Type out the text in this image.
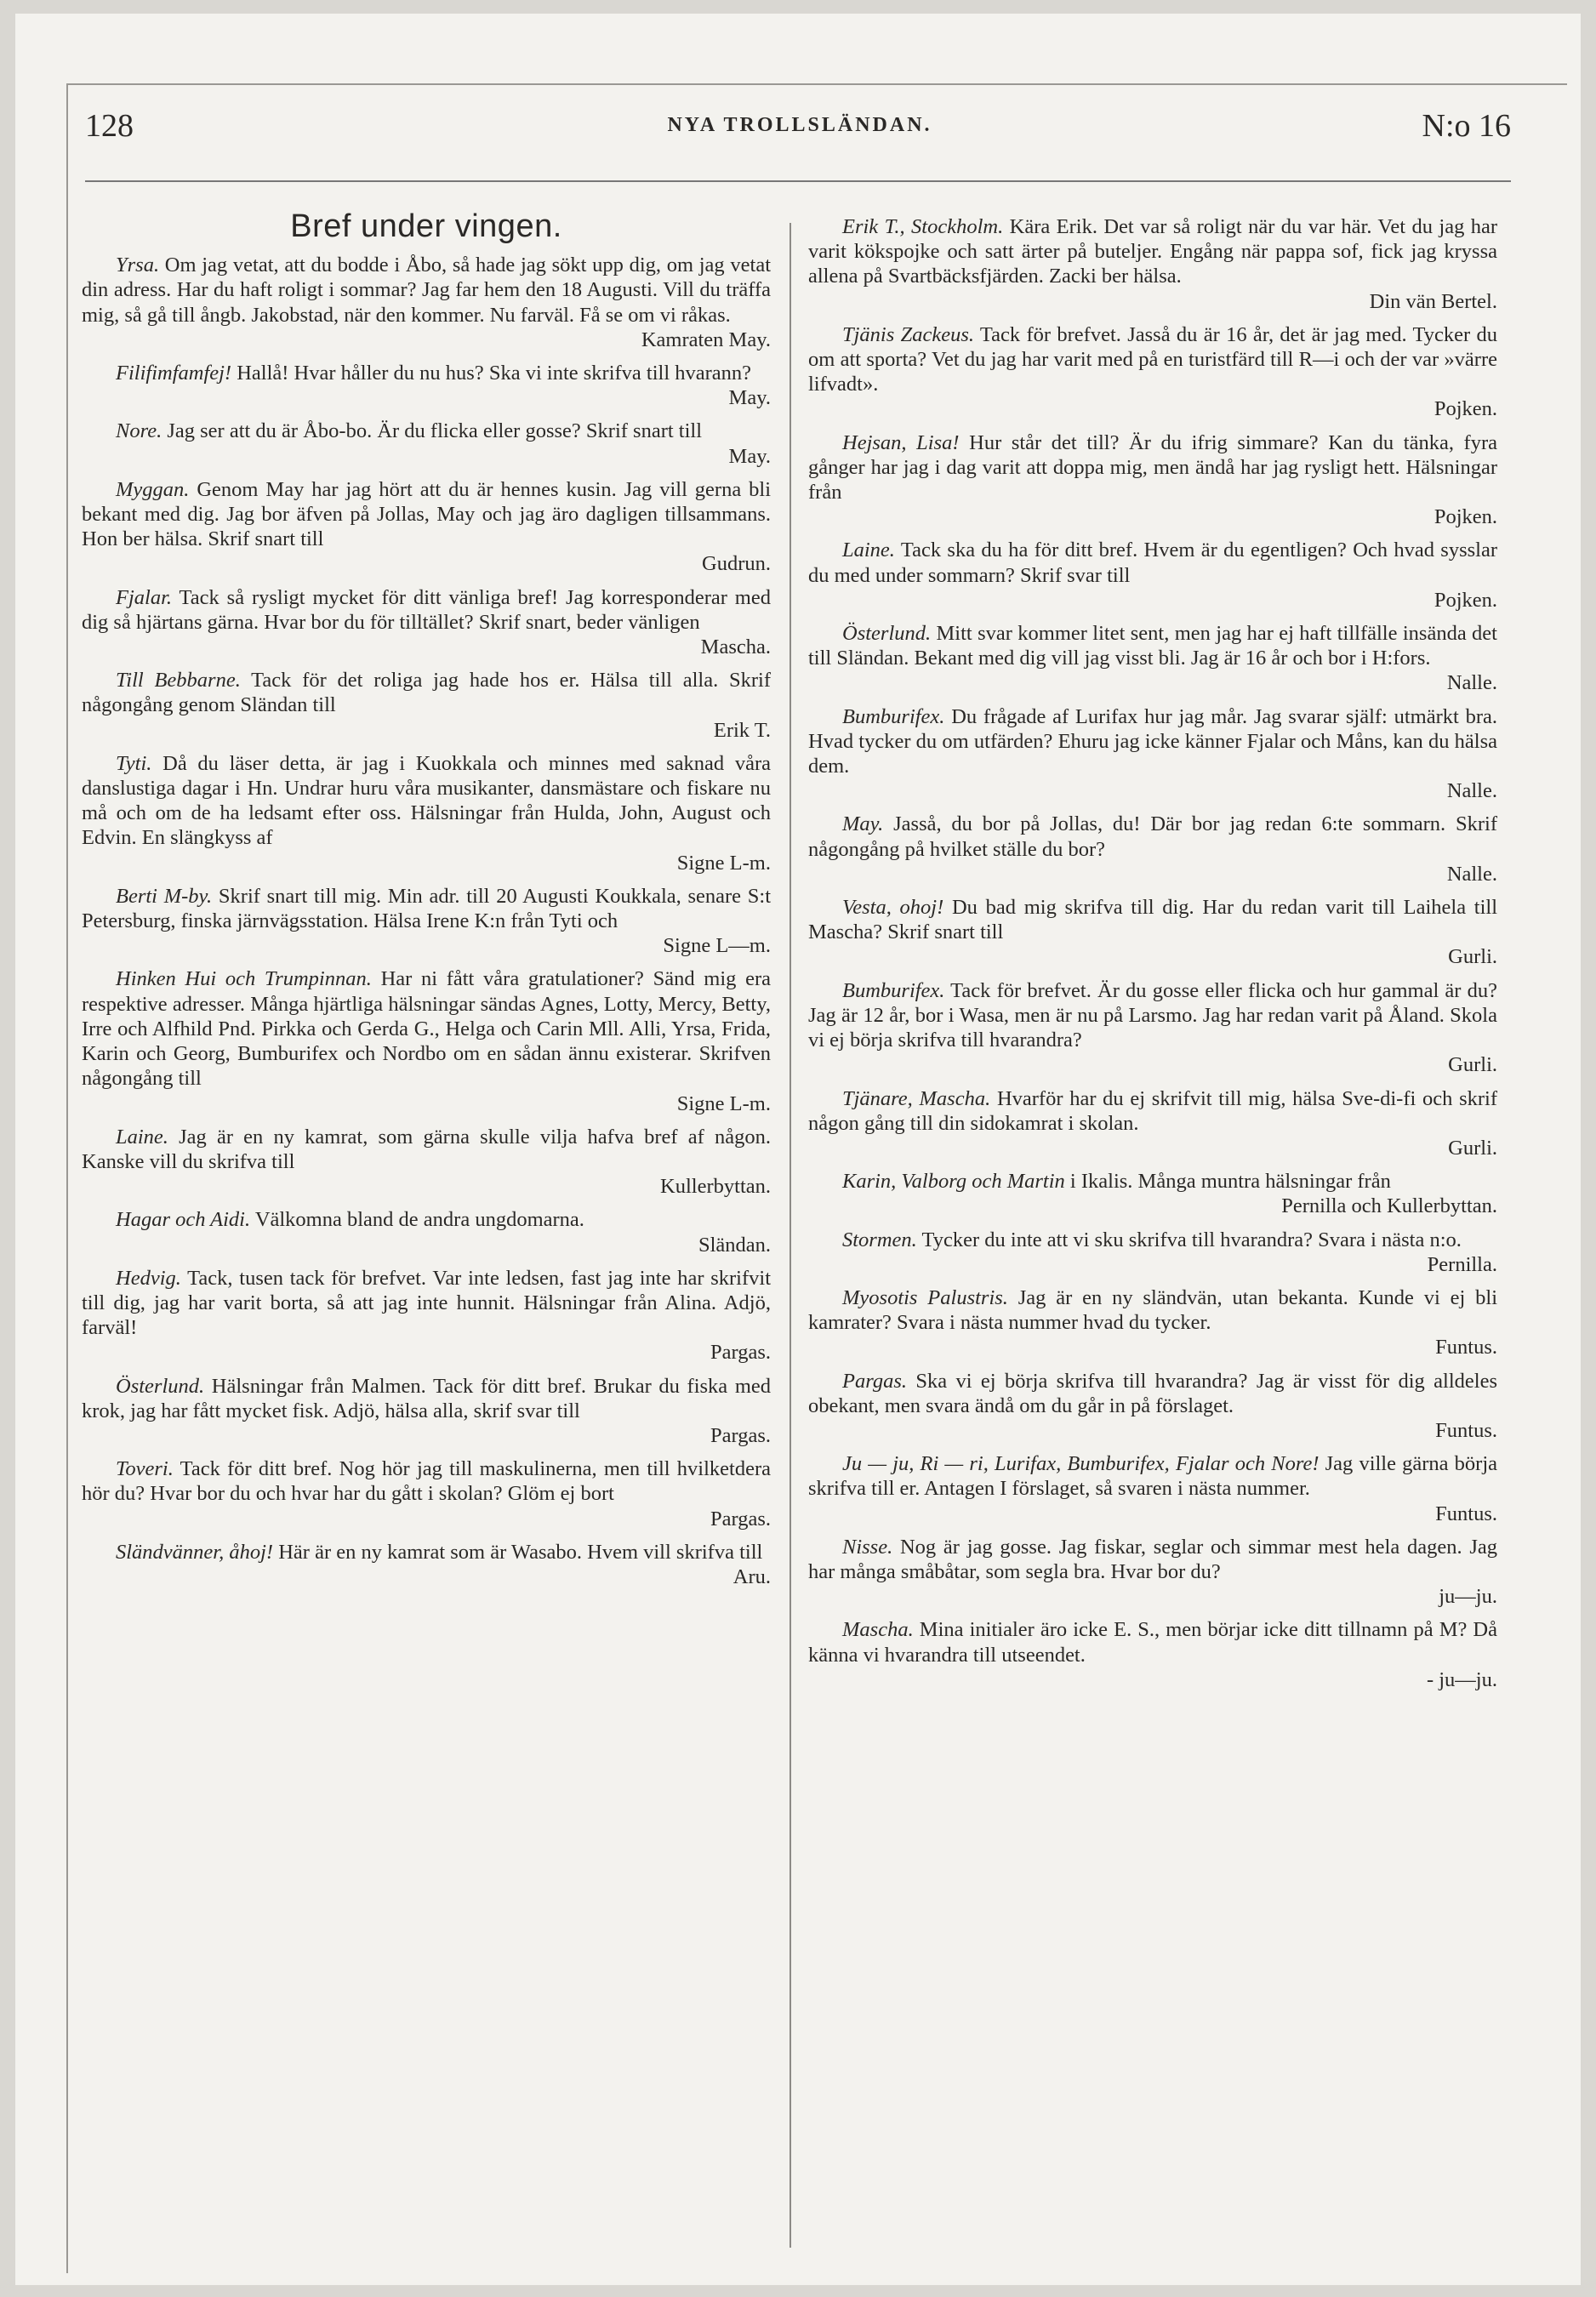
128	NYA TROLLSLÄNDAN.	N:o 16
Bref under vingen.

Yrsa. Om jag vetat, att du bodde i Åbo, så hade jag sökt upp dig, om jag vetat din adress. Har du haft roligt i sommar? Jag far hem den 18 Augusti. Vill du träffa mig, så gå till ångb. Jakobstad, när den kommer. Nu farväl. Få se om vi råkas.

Kamraten May.

Filifimfamfej! Hallå! Hvar håller du nu hus? Ska vi inte skrifva till hvarann?

May.

Nore. Jag ser att du är Åbo-bo. Är du flicka eller gosse? Skrif snart till

May.

Myggan. Genom May har jag hört att du är hennes kusin. Jag vill gerna bli bekant med dig. Jag bor äfven på Jollas, May och jag äro dagligen tillsammans. Hon ber hälsa. Skrif snart till

Gudrun.

Fjalar. Tack så rysligt mycket för ditt vänliga bref! Jag korresponderar med dig så hjärtans gärna. Hvar bor du för tilltället? Skrif snart, beder vänligen

Mascha.

Till Bebbarne. Tack för det roliga jag hade hos er. Hälsa till alla. Skrif någongång genom Sländan till

Erik T.

Tyti. Då du läser detta, är jag i Kuokkala och minnes med saknad våra danslustiga dagar i Hn. Undrar huru våra musikanter, dansmästare och fiskare nu må och om de ha ledsamt efter oss. Hälsningar från Hulda, John, August och Edvin. En slängkyss af

Signe L-m.

Berti M-by. Skrif snart till mig. Min adr. till 20 Augusti Koukkala, senare S:t Petersburg, finska järnvägsstation. Hälsa Irene K:n från Tyti och

Signe L—m.

Hinken Hui och Trumpinnan. Har ni fått våra gratulationer? Sänd mig era respektive adresser. Många hjärtliga hälsningar sändas Agnes, Lotty, Mercy, Betty, Irre och Alfhild Pnd. Pirkka och Gerda G., Helga och Carin Mll. Alli, Yrsa, Frida, Karin och Georg, Bumburifex och Nordbo om en sådan ännu existerar. Skrifven någongång till

Signe L-m.

Laine. Jag är en ny kamrat, som gärna skulle vilja hafva bref af någon. Kanske vill du skrifva till

Kullerbyttan.

Hagar och Aidi. Välkomna bland de andra ungdomarna.

Sländan.

Hedvig. Tack, tusen tack för brefvet. Var inte ledsen, fast jag inte har skrifvit till dig, jag har varit borta, så att jag inte hunnit. Hälsningar från Alina. Adjö, farväl!

Pargas.

Österlund. Hälsningar från Malmen. Tack för ditt bref. Brukar du fiska med krok, jag har fått mycket fisk. Adjö, hälsa alla, skrif svar till

Pargas.

Toveri. Tack för ditt bref. Nog hör jag till maskulinerna, men till hvilketdera hör du? Hvar bor du och hvar har du gått i skolan? Glöm ej bort

Pargas.

Sländvänner, åhoj! Här är en ny kamrat som är Wasabo. Hvem vill skrifva till

Aru.

Erik T., Stockholm. Kära Erik. Det var så roligt när du var här. Vet du jag har varit kökspojke och satt ärter på buteljer. Engång när pappa sof, fick jag kryssa allena på Svartbäcksfjärden. Zacki ber hälsa.

Din vän Bertel.

Tjänis Zackeus. Tack för brefvet. Jasså du är 16 år, det är jag med. Tycker du om att sporta? Vet du jag har varit med på en turistfärd till R—i och der var »värre lifvadt».

Pojken.

Hejsan, Lisa! Hur står det till? Är du ifrig simmare? Kan du tänka, fyra gånger har jag i dag varit att doppa mig, men ändå har jag rysligt hett. Hälsningar från

Pojken.

Laine. Tack ska du ha för ditt bref. Hvem är du egentligen? Och hvad sysslar du med under sommarn? Skrif svar till

Pojken.

Österlund. Mitt svar kommer litet sent, men jag har ej haft tillfälle insända det till Sländan. Bekant med dig vill jag visst bli. Jag är 16 år och bor i H:fors.

Nalle.

Bumburifex. Du frågade af Lurifax hur jag mår. Jag svarar själf: utmärkt bra. Hvad tycker du om utfärden? Ehuru jag icke känner Fjalar och Måns, kan du hälsa dem.

Nalle.

May. Jasså, du bor på Jollas, du! Där bor jag redan 6:te sommarn. Skrif någongång på hvilket ställe du bor?

Nalle.

Vesta, ohoj! Du bad mig skrifva till dig. Har du redan varit till Laihela till Mascha? Skrif snart till

Gurli.

Bumburifex. Tack för brefvet. Är du gosse eller flicka och hur gammal är du? Jag är 12 år, bor i Wasa, men är nu på Larsmo. Jag har redan varit på Åland. Skola vi ej börja skrifva till hvarandra?

Gurli.

Tjänare, Mascha. Hvarför har du ej skrifvit till mig, hälsa Sve-di-fi och skrif någon gång till din sidokamrat i skolan.

Gurli.

Karin, Valborg och Martin i Ikalis. Många muntra hälsningar från

Pernilla och Kullerbyttan.

Stormen. Tycker du inte att vi sku skrifva till hvarandra? Svara i nästa n:o.

Pernilla.

Myosotis Palustris. Jag är en ny sländvän, utan bekanta. Kunde vi ej bli kamrater? Svara i nästa nummer hvad du tycker.

Funtus.

Pargas. Ska vi ej börja skrifva till hvarandra? Jag är visst för dig alldeles obekant, men svara ändå om du går in på förslaget.

Funtus.

Ju — ju, Ri — ri, Lurifax, Bumburifex, Fjalar och Nore! Jag ville gärna börja skrifva till er. Antagen I förslaget, så svaren i nästa nummer.

Funtus.

Nisse. Nog är jag gosse. Jag fiskar, seglar och simmar mest hela dagen. Jag har många småbåtar, som segla bra. Hvar bor du?

ju—ju.

Mascha. Mina initialer äro icke E. S., men börjar icke ditt tillnamn på M? Då känna vi hvarandra till utseendet.

- ju—ju.
